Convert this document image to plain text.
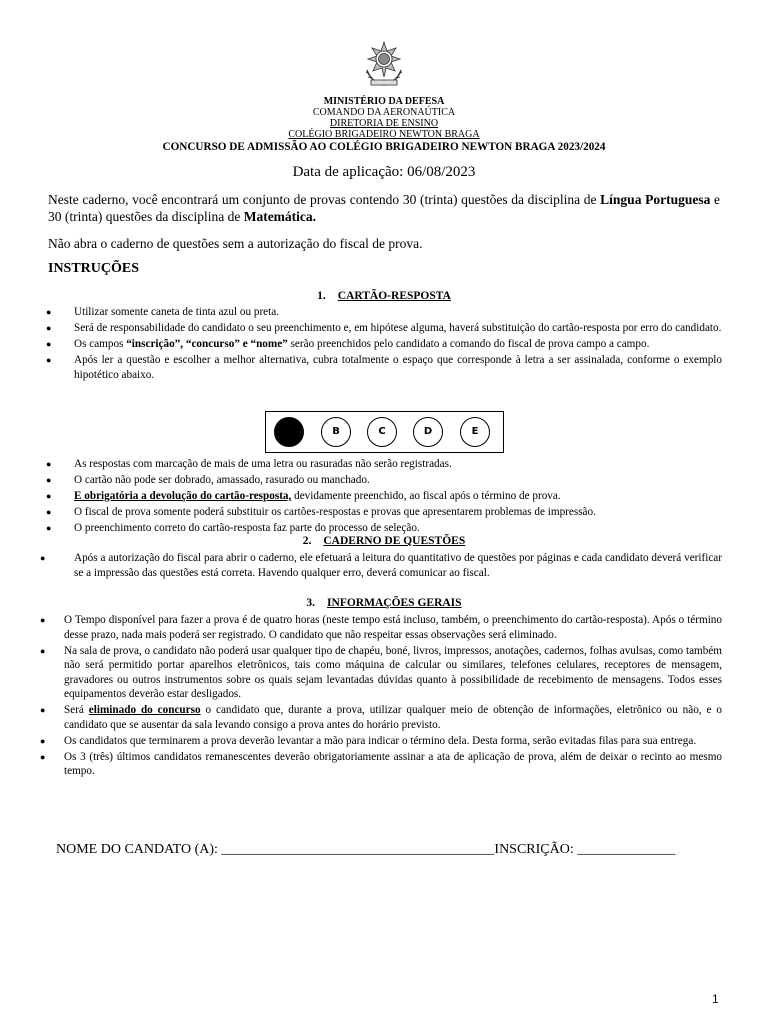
MINISTÉRIO DA DEFESA
COMANDO DA AERONAÚTICA
DIRETORIA DE ENSINO
COLÉGIO BRIGADEIRO NEWTON BRAGA
CONCURSO DE ADMISSÃO AO COLÉGIO BRIGADEIRO NEWTON BRAGA 2023/2024
Data de aplicação: 06/08/2023
Neste caderno, você encontrará um conjunto de provas contendo 30 (trinta) questões da disciplina de Língua Portuguesa e 30 (trinta) questões da disciplina de Matemática.
Não abra o caderno de questões sem a autorização do fiscal de prova.
INSTRUÇÕES
1. CARTÃO-RESPOSTA
● Utilizar somente caneta de tinta azul ou preta.
● Será de responsabilidade do candidato o seu preenchimento e, em hipótese alguma, haverá substituição do cartão-resposta por erro do candidato.
● Os campos “inscrição”, “concurso” e “nome” serão preenchidos pelo candidato a comando do fiscal de prova campo a campo.
● Após ler a questão e escolher a melhor alternativa, cubra totalmente o espaço que corresponde à letra a ser assinalada, conforme o exemplo hipotético abaixo.
B	C	D	E
● As respostas com marcação de mais de uma letra ou rasuradas não serão registradas.
● O cartão não pode ser dobrado, amassado, rasurado ou manchado.
● E obrigatória a devolução do cartão-resposta, devidamente preenchido, ao fiscal após o término de prova.
● O fiscal de prova somente poderá substituir os cartões-respostas e provas que apresentarem problemas de impressão.
● O preenchimento correto do cartão-resposta faz parte do processo de seleção.
2. CADERNO DE QUESTÕES
●	Após a autorização do fiscal para abrir o caderno, ele efetuará a leitura do quantitativo de questões por páginas e cada candidato deverá verificar se a impressão das questões está correta. Havendo qualquer erro, deverá comunicar ao fiscal.
3. INFORMAÇÕES GERAIS
● O Tempo disponível para fazer a prova é de quatro horas (neste tempo está incluso, também, o preenchimento do cartão-resposta). Após o término desse prazo, nada mais poderá ser registrado. O candidato que não respeitar essas observações será eliminado.
● Na sala de prova, o candidato não poderá usar qualquer tipo de chapéu, boné, livros, impressos, anotações, cadernos, folhas avulsas, como também não será permitido portar aparelhos eletrônicos, tais como máquina de calcular ou similares, telefones celulares, receptores de mensagem, gravadores ou outros instrumentos sobre os quais sejam levantadas dúvidas quanto à possibilidade de recebimento de mensagens. Todos esses equipamentos deverão estar desligados.
● Será eliminado do concurso o candidato que, durante a prova, utilizar qualquer meio de obtenção de informações, eletrônico ou não, e o candidato que se ausentar da sala levando consigo a prova antes do horário previsto.
● Os candidatos que terminarem a prova deverão levantar a mão para indicar o término dela. Desta forma, serão evitadas filas para sua entrega.
● Os 3 (três) últimos candidatos remanescentes deverão obrigatoriamente assinar a ata de aplicação de prova, além de deixar o recinto ao mesmo tempo.
NOME DO CANDATO (A): _______________________________________INSCRIÇÃO: ______________
1
